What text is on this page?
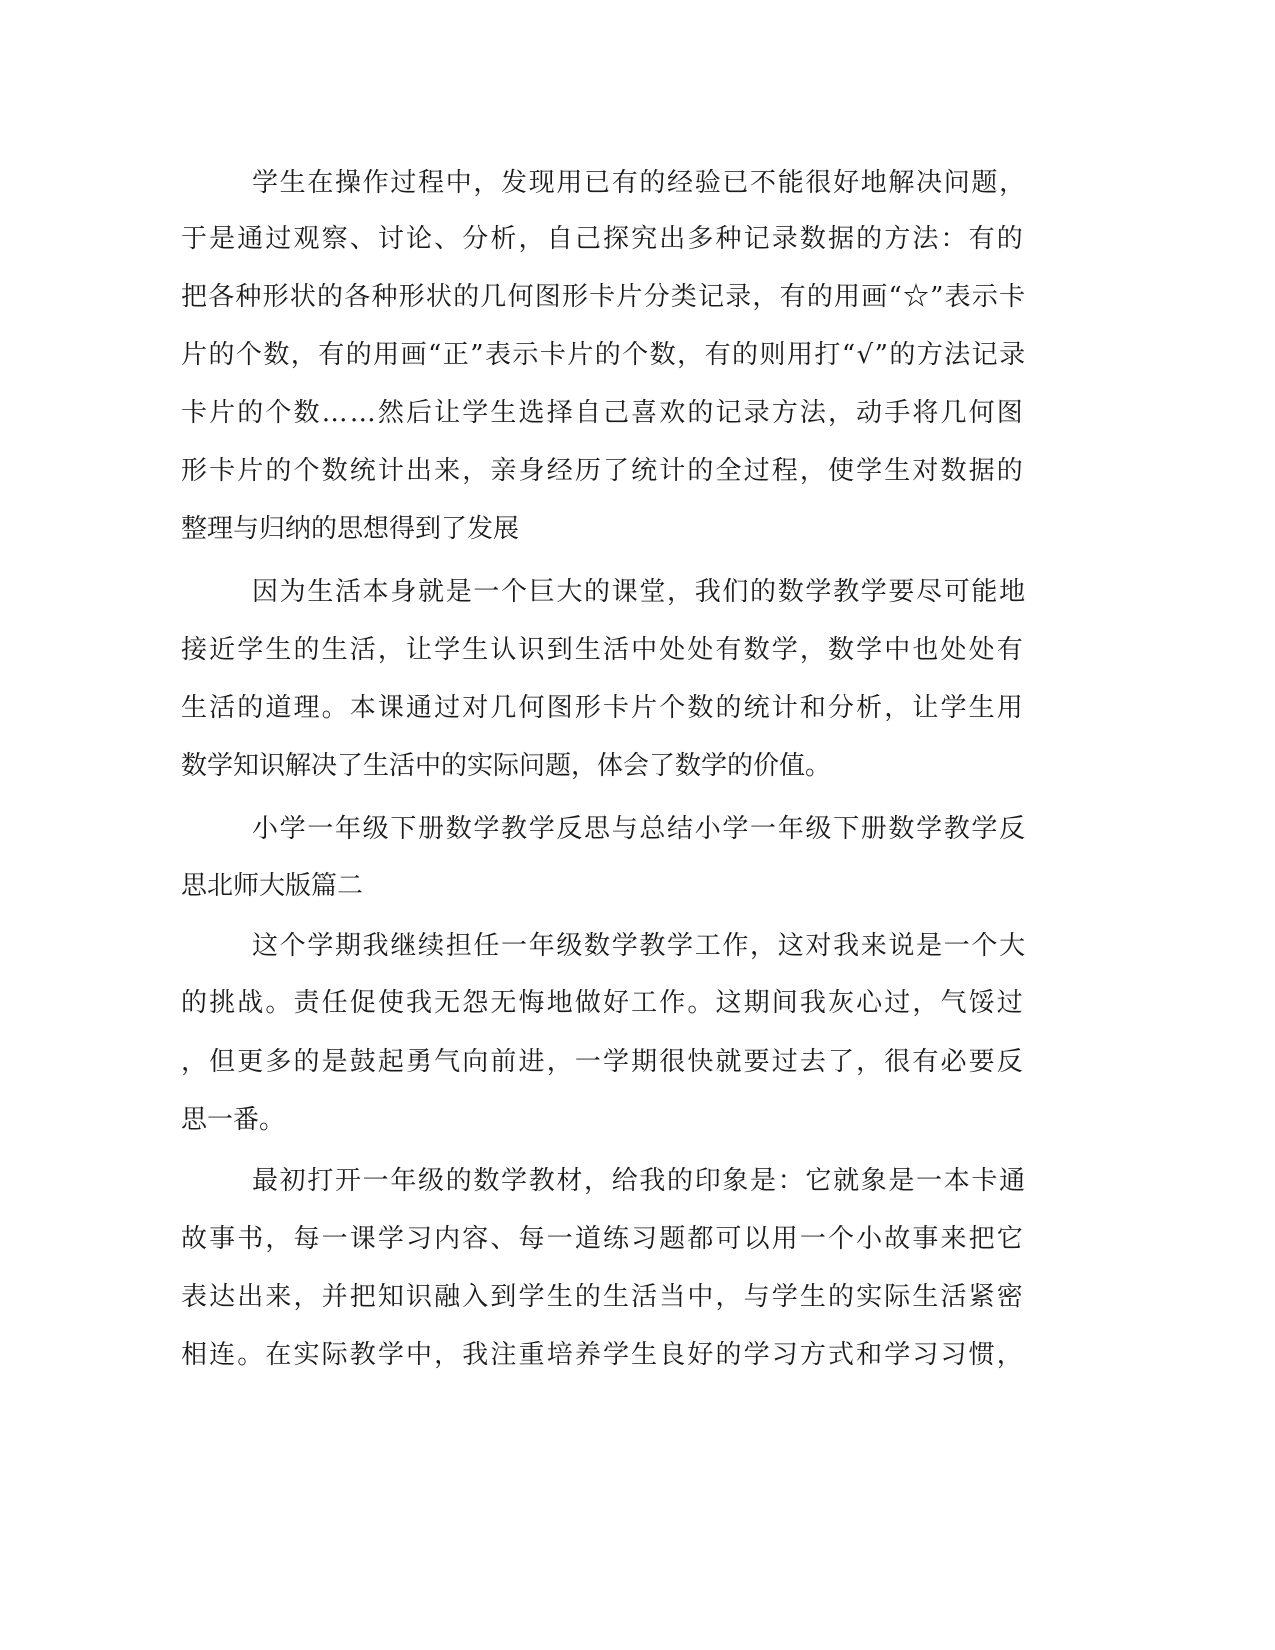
学生在操作过程中，发现用已有的经验已不能很好地解决问题，
于是通过观察、讨论、分析，自己探究出多种记录数据的方法：有的
把各种形状的各种形状的几何图形卡片分类记录，有的用画“☆”表示卡
片的个数，有的用画“正”表示卡片的个数，有的则用打“√”的方法记录
卡片的个数……然后让学生选择自己喜欢的记录方法，动手将几何图
形卡片的个数统计出来，亲身经历了统计的全过程，使学生对数据的
整理与归纳的思想得到了发展
因为生活本身就是一个巨大的课堂，我们的数学教学要尽可能地
接近学生的生活，让学生认识到生活中处处有数学，数学中也处处有
生活的道理。本课通过对几何图形卡片个数的统计和分析，让学生用
数学知识解决了生活中的实际问题，体会了数学的价值。
小学一年级下册数学教学反思与总结小学一年级下册数学教学反
思北师大版篇二
这个学期我继续担任一年级数学教学工作，这对我来说是一个大
的挑战。责任促使我无怨无悔地做好工作。这期间我灰心过，气馁过
，但更多的是鼓起勇气向前进，一学期很快就要过去了，很有必要反
思一番。
最初打开一年级的数学教材，给我的印象是：它就象是一本卡通
故事书，每一课学习内容、每一道练习题都可以用一个小故事来把它
表达出来，并把知识融入到学生的生活当中，与学生的实际生活紧密
相连。在实际教学中，我注重培养学生良好的学习方式和学习习惯，
